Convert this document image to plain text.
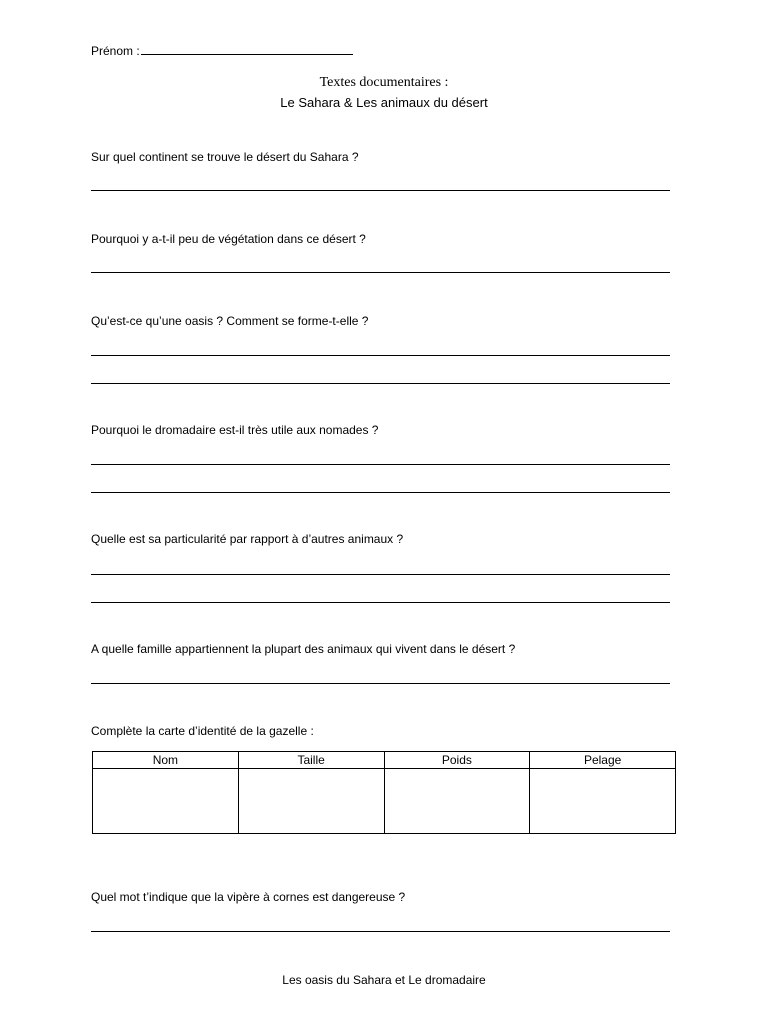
Prénom :
Textes documentaires :
Le Sahara & Les animaux du désert
Sur quel continent se trouve le désert du Sahara ?
Pourquoi y a-t-il peu de végétation dans ce désert ?
Qu’est-ce qu’une oasis ? Comment se forme-t-elle ?
Pourquoi le dromadaire est-il très utile aux nomades ?
Quelle est sa particularité par rapport à d’autres animaux ?
A quelle famille appartiennent la plupart des animaux qui vivent dans le désert ?
Complète la carte d’identité de la gazelle :
Nom	Taille	Poids	Pelage

Quel mot t’indique que la vipère à cornes est dangereuse ?
Les oasis du Sahara et Le dromadaire
